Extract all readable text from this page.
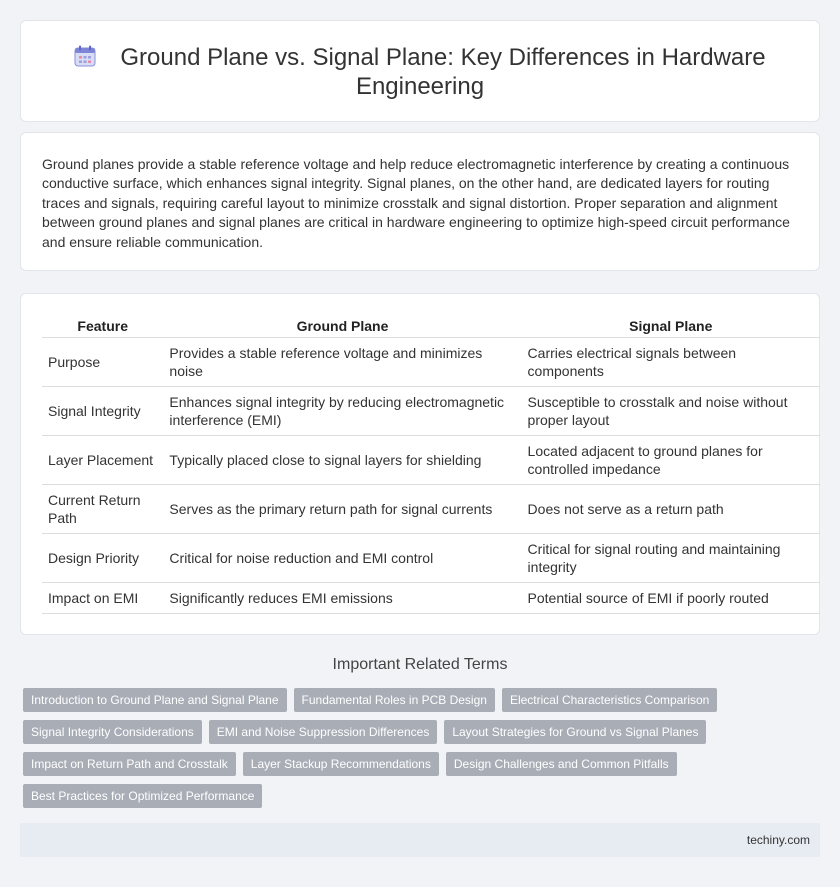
Ground Plane vs. Signal Plane: Key Differences in Hardware Engineering

Ground planes provide a stable reference voltage and help reduce electromagnetic interference by creating a continuous conductive surface, which enhances signal integrity. Signal planes, on the other hand, are dedicated layers for routing traces and signals, requiring careful layout to minimize crosstalk and signal distortion. Proper separation and alignment between ground planes and signal planes are critical in hardware engineering to optimize high-speed circuit performance and ensure reliable communication.

Feature	Ground Plane	Signal Plane
Purpose	Provides a stable reference voltage and minimizes noise	Carries electrical signals between components
Signal Integrity	Enhances signal integrity by reducing electromagnetic interference (EMI)	Susceptible to crosstalk and noise without proper layout
Layer Placement	Typically placed close to signal layers for shielding	Located adjacent to ground planes for controlled impedance
Current Return Path	Serves as the primary return path for signal currents	Does not serve as a return path
Design Priority	Critical for noise reduction and EMI control	Critical for signal routing and maintaining integrity
Impact on EMI	Significantly reduces EMI emissions	Potential source of EMI if poorly routed
Important Related Terms
Introduction to Ground Plane and Signal Plane	Fundamental Roles in PCB Design	Electrical Characteristics Comparison
Signal Integrity Considerations	EMI and Noise Suppression Differences	Layout Strategies for Ground vs Signal Planes
Impact on Return Path and Crosstalk	Layer Stackup Recommendations	Design Challenges and Common Pitfalls
Best Practices for Optimized Performance
techiny.com
